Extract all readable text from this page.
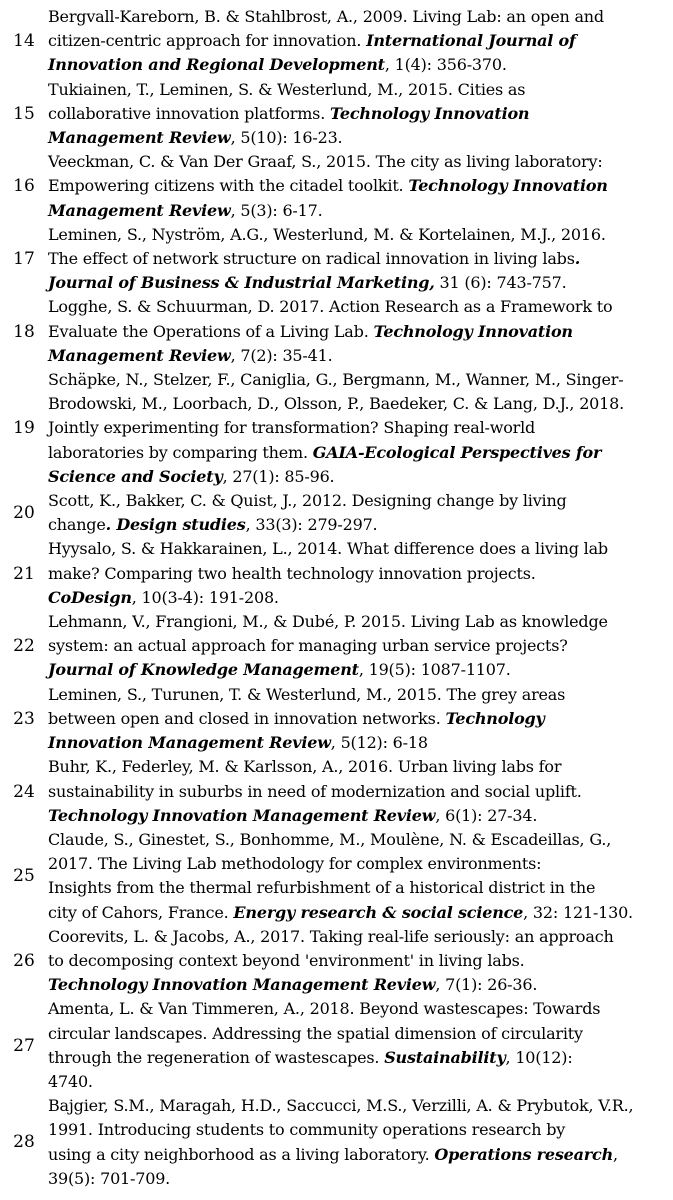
14
Bergvall-Kareborn, B. & Stahlbrost, A., 2009. Living Lab: an open and
citizen-centric approach for innovation. International Journal of
Innovation and Regional Development, 1(4): 356-370.
15
Tukiainen, T., Leminen, S. & Westerlund, M., 2015. Cities as
collaborative innovation platforms. Technology Innovation
Management Review, 5(10): 16-23.
16
Veeckman, C. & Van Der Graaf, S., 2015. The city as living laboratory:
Empowering citizens with the citadel toolkit. Technology Innovation
Management Review, 5(3): 6-17.
17
Leminen, S., Nyström, A.G., Westerlund, M. & Kortelainen, M.J., 2016.
The effect of network structure on radical innovation in living labs.
Journal of Business & Industrial Marketing, 31 (6): 743-757.
18
Logghe, S. & Schuurman, D. 2017. Action Research as a Framework to
Evaluate the Operations of a Living Lab. Technology Innovation
Management Review, 7(2): 35-41.
19
Schäpke, N., Stelzer, F., Caniglia, G., Bergmann, M., Wanner, M., Singer-
Brodowski, M., Loorbach, D., Olsson, P., Baedeker, C. & Lang, D.J., 2018.
Jointly experimenting for transformation? Shaping real-world
laboratories by comparing them. GAIA-Ecological Perspectives for
Science and Society, 27(1): 85-96.
20
Scott, K., Bakker, C. & Quist, J., 2012. Designing change by living
change. Design studies, 33(3): 279-297.
21
Hyysalo, S. & Hakkarainen, L., 2014. What difference does a living lab
make? Comparing two health technology innovation projects.
CoDesign, 10(3-4): 191-208.
22
Lehmann, V., Frangioni, M., & Dubé, P. 2015. Living Lab as knowledge
system: an actual approach for managing urban service projects?
Journal of Knowledge Management, 19(5): 1087-1107.
23
Leminen, S., Turunen, T. & Westerlund, M., 2015. The grey areas
between open and closed in innovation networks. Technology
Innovation Management Review, 5(12): 6-18
24
Buhr, K., Federley, M. & Karlsson, A., 2016. Urban living labs for
sustainability in suburbs in need of modernization and social uplift.
Technology Innovation Management Review, 6(1): 27-34.
25
Claude, S., Ginestet, S., Bonhomme, M., Moulène, N. & Escadeillas, G.,
2017. The Living Lab methodology for complex environments:
Insights from the thermal refurbishment of a historical district in the
city of Cahors, France. Energy research & social science, 32: 121-130.
26
Coorevits, L. & Jacobs, A., 2017. Taking real-life seriously: an approach
to decomposing context beyond 'environment' in living labs.
Technology Innovation Management Review, 7(1): 26-36.
27
Amenta, L. & Van Timmeren, A., 2018. Beyond wastescapes: Towards
circular landscapes. Addressing the spatial dimension of circularity
through the regeneration of wastescapes. Sustainability, 10(12):
4740.
28
Bajgier, S.M., Maragah, H.D., Saccucci, M.S., Verzilli, A. & Prybutok, V.R.,
1991. Introducing students to community operations research by
using a city neighborhood as a living laboratory. Operations research,
39(5): 701-709.
